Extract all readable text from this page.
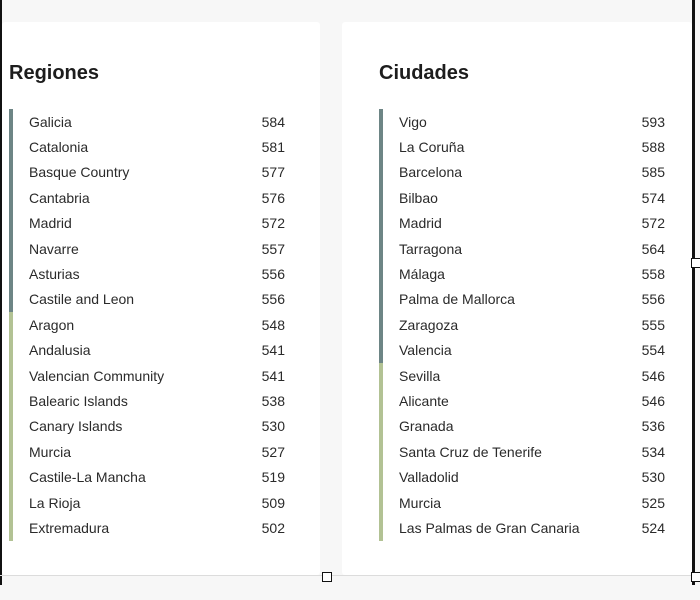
Regiones
Galicia	584
Catalonia	581
Basque Country	577
Cantabria	576
Madrid	572
Navarre	557
Asturias	556
Castile and Leon	556
Aragon	548
Andalusia	541
Valencian Community	541
Balearic Islands	538
Canary Islands	530
Murcia	527
Castile-La Mancha	519
La Rioja	509
Extremadura	502
Ciudades
Vigo	593
La Coruña	588
Barcelona	585
Bilbao	574
Madrid	572
Tarragona	564
Málaga	558
Palma de Mallorca	556
Zaragoza	555
Valencia	554
Sevilla	546
Alicante	546
Granada	536
Santa Cruz de Tenerife	534
Valladolid	530
Murcia	525
Las Palmas de Gran Canaria	524
